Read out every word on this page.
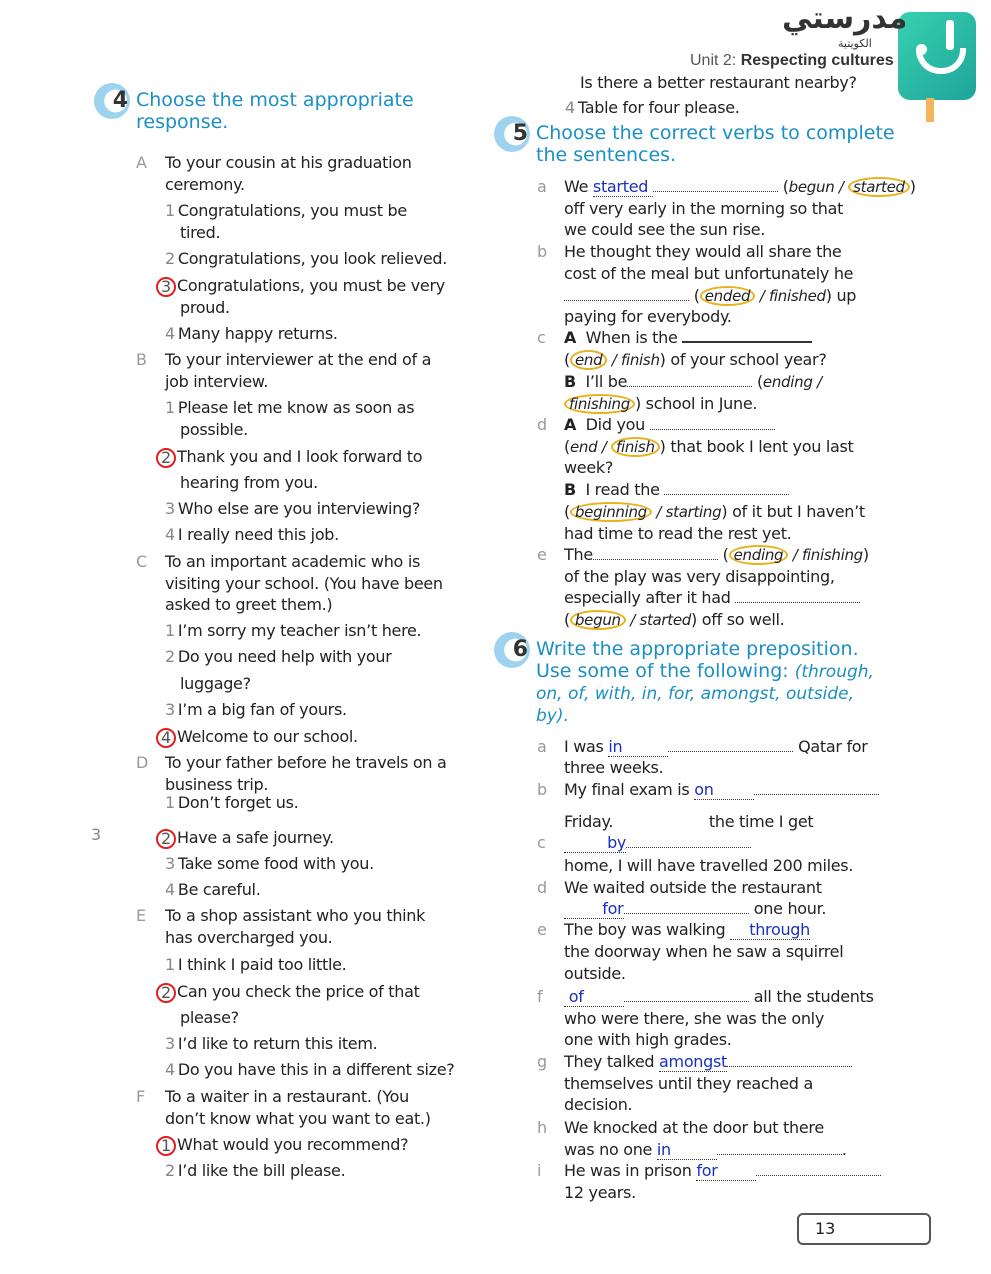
مدرستي
الكويتية
Unit 2: Respecting cultures
Is there a better restaurant nearby?
4 Table for four please.
3
13
4 Choose the most appropriate
response.	5 Choose the correct verbs to complete
the sentences.
6 Write the appropriate preposition.
Use some of the following: (through,
on, of, with, in, for, amongst, outside,
by).
A To your cousin at his graduation
ceremony.
1 Congratulations, you must be
tired.
2 Congratulations, you look relieved.
3 Congratulations, you must be very
proud.
4 Many happy returns.
B To your interviewer at the end of a
job interview.
1 Please let me know as soon as
possible.
2 Thank you and I look forward to
hearing from you.
3 Who else are you interviewing?
4 I really need this job.
C To an important academic who is
visiting your school. (You have been
asked to greet them.)
1 I’m sorry my teacher isn’t here.
2 Do you need help with your
luggage?
3 I’m a big fan of yours.
4 Welcome to our school.
D To your father before he travels on a
business trip.
1 Don’t forget us.
2 Have a safe journey.
3 Take some food with you.
4 Be careful.
E To a shop assistant who you think
has overcharged you.
1 I think I paid too little.
2 Can you check the price of that
please?
3 I’d like to return this item.
4 Do you have this in a different size?
F To a waiter in a restaurant. (You
don’t know what you want to eat.)
1 What would you recommend?
2 I’d like the bill please.
a We started	(begun / started )
off very early in the morning so that
we could see the sun rise.
b He thought they would all share the
cost of the meal but unfortunately he
( ended / finished) up
paying for everybody.
c A  When is the
( end / finish) of your school year?
B  I’ll be	(ending /
finishing ) school in June.
d A  Did you
(end / finish ) that book I lent you last
week?
B  I read the
( beginning / starting) of it but I haven’t
had time to read the rest yet.
e The	( ending / finishing)
of the play was very disappointing,
especially after it had
( begun / started) off so well.
a I was in	Qatar for
three weeks.
b My final exam is on
Friday.                    the time I get
c by
home, I will have travelled 200 miles.
d We waited outside the restaurant
for	one hour.
e The boy was walking     through
the doorway when he saw a squirrel
outside.
f of	all the students
who were there, she was the only
one with high grades.
g They talked amongst
themselves until they reached a
decision.
h We knocked at the door but there
was no one in	.
i He was in prison for
12 years.
